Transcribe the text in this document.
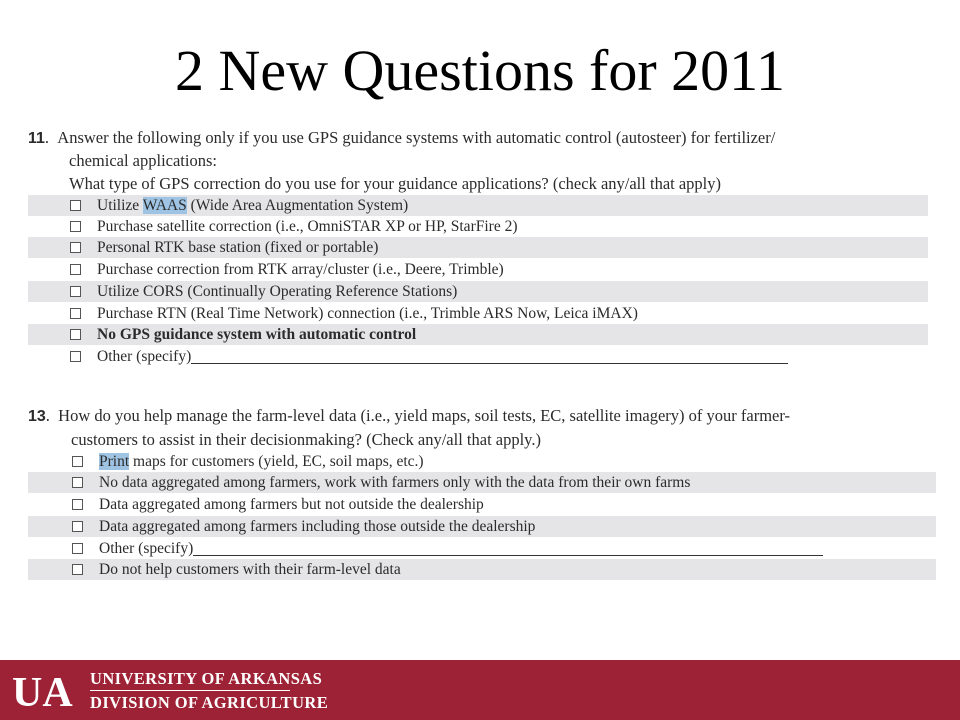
2 New Questions for 2011
11.  Answer the following only if you use GPS guidance systems with automatic control (autosteer) for fertilizer/
chemical applications:
What type of GPS correction do you use for your guidance applications? (check any/all that apply)
Utilize WAAS (Wide Area Augmentation System)
Purchase satellite correction (i.e., OmniSTAR XP or HP, StarFire 2)
Personal RTK base station (fixed or portable)
Purchase correction from RTK array/cluster (i.e., Deere, Trimble)
Utilize CORS (Continually Operating Reference Stations)
Purchase RTN (Real Time Network) connection (i.e., Trimble ARS Now, Leica iMAX)
No GPS guidance system with automatic control
Other (specify)
13.  How do you help manage the farm-level data (i.e., yield maps, soil tests, EC, satellite imagery) of your farmer-
customers to assist in their decisionmaking? (Check any/all that apply.)
Print maps for customers (yield, EC, soil maps, etc.)
No data aggregated among farmers, work with farmers only with the data from their own farms
Data aggregated among farmers but not outside the dealership
Data aggregated among farmers including those outside the dealership
Other (specify)
Do not help customers with their farm-level data
UA UNIVERSITY OF ARKANSAS
DIVISION OF AGRICULTURE
